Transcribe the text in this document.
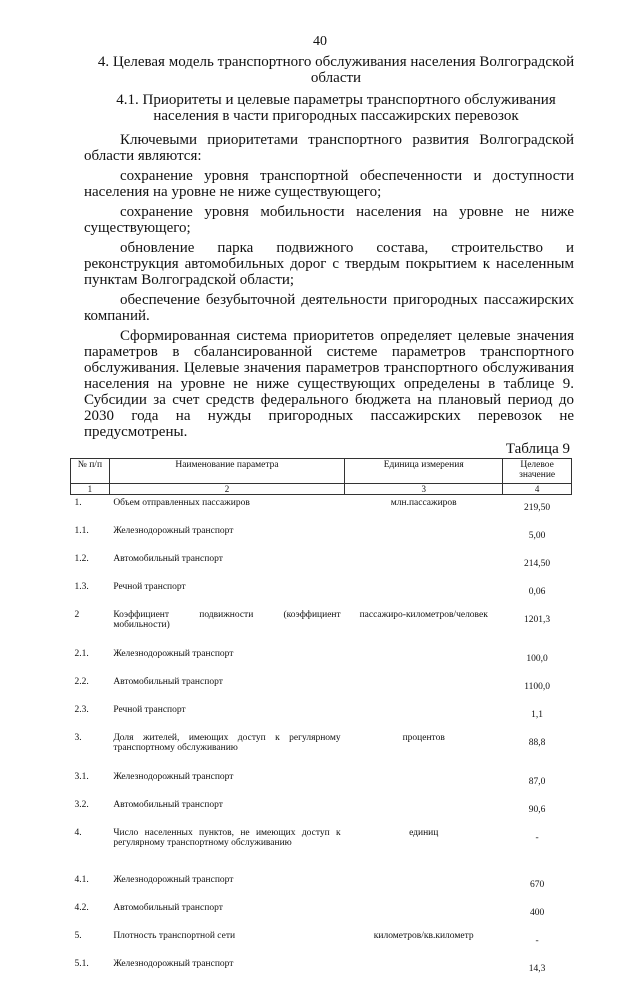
40
4. Целевая модель транспортного обслуживания населения Волгоградской области
4.1. Приоритеты и целевые параметры транспортного обслуживания населения в части пригородных пассажирских перевозок

Ключевыми приоритетами транспортного развития Волгоградской области являются:

сохранение уровня транспортной обеспеченности и доступности населения на уровне не ниже существующего;

сохранение уровня мобильности населения на уровне не ниже существующего;

обновление парка подвижного состава, строительство и реконструкция автомобильных дорог с твердым покрытием к населенным пунктам Волгоградской области;

обеспечение безубыточной деятельности пригородных пассажирских компаний.

Сформированная система приоритетов определяет целевые значения параметров в сбалансированной системе параметров транспортного обслуживания. Целевые значения параметров транспортного обслуживания населения на уровне не ниже существующих определены в таблице 9. Субсидии за счет средств федерального бюджета на плановый период до 2030 года на нужды пригородных пассажирских перевозок не предусмотрены.

Таблица 9
№ п/п	Наименование параметра	Единица измерения	Целевое значение
1	2	3	4
1.	Объем отправленных пассажиров	млн.пассажиров	219,50
1.1.	Железнодорожный транспорт		5,00
1.2.	Автомобильный транспорт		214,50
1.3.	Речной транспорт		0,06
2	Коэффициент подвижности (коэффициент мобильности)	пассажиро-километров/человек	1201,3
2.1.	Железнодорожный транспорт		100,0
2.2.	Автомобильный транспорт		1100,0
2.3.	Речной транспорт		1,1
3.	Доля жителей, имеющих доступ к регулярному транспортному обслуживанию	процентов	88,8
3.1.	Железнодорожный транспорт		87,0
3.2.	Автомобильный транспорт		90,6
4.	Число населенных пунктов, не имеющих доступ к регулярному транспортному обслуживанию	единиц	-
4.1.	Железнодорожный транспорт		670
4.2.	Автомобильный транспорт		400
5.	Плотность транспортной сети	километров/кв.километр	-
5.1.	Железнодорожный транспорт		14,3
